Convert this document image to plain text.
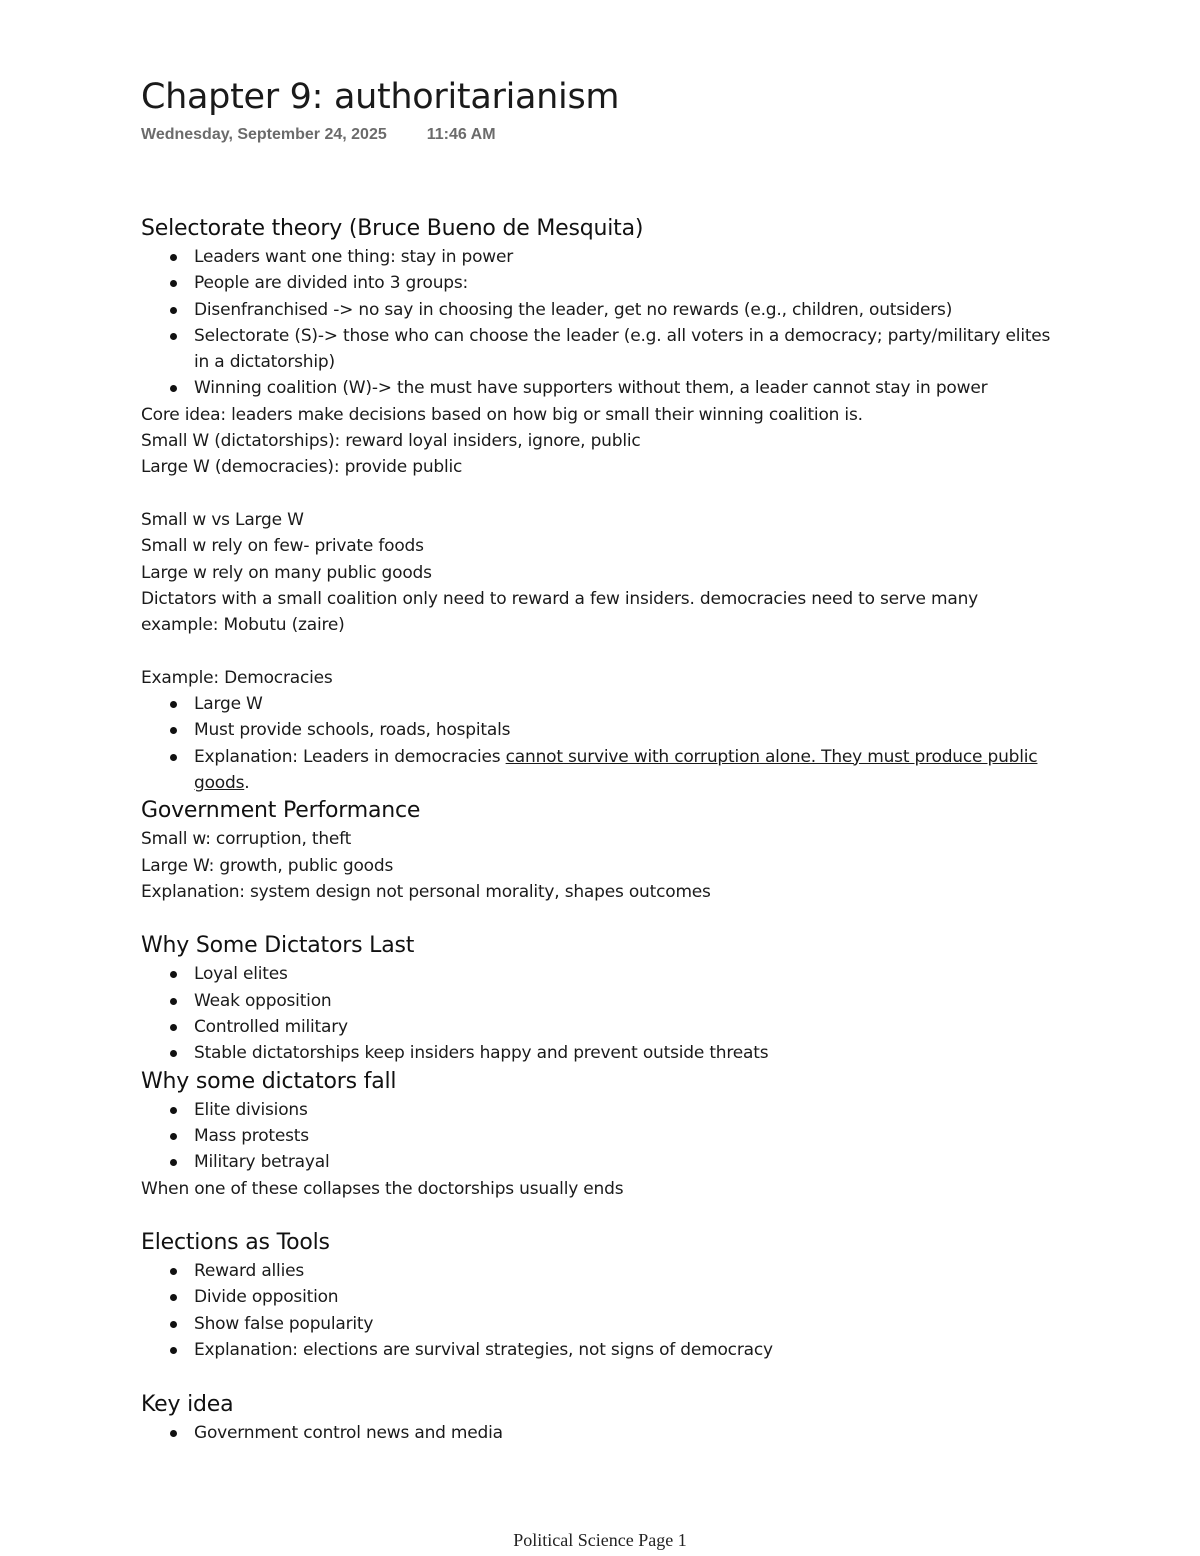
Chapter 9: authoritarianism
Wednesday, September 24, 2025	11:46 AM
Selectorate theory (Bruce Bueno de Mesquita)
Leaders want one thing: stay in power
People are divided into 3 groups:
Disenfranchised -> no say in choosing the leader, get no rewards (e.g., children, outsiders)
Selectorate (S)-> those who can choose the leader (e.g. all voters in a democracy; party/military elites in a dictatorship)
Winning coalition (W)-> the must have supporters without them, a leader cannot stay in power
Core idea: leaders make decisions based on how big or small their winning coalition is.
Small W (dictatorships): reward loyal insiders, ignore, public
Large W (democracies): provide public
Small w vs Large W
Small w rely on few- private foods
Large w rely on many public goods
Dictators with a small coalition only need to reward a few insiders. democracies need to serve many
example: Mobutu (zaire)
Example: Democracies
Large W
Must provide schools, roads, hospitals
Explanation: Leaders in democracies cannot survive with corruption alone. They must produce public goods.
Government Performance
Small w: corruption, theft
Large W: growth, public goods
Explanation: system design not personal morality, shapes outcomes
Why Some Dictators Last
Loyal elites
Weak opposition
Controlled military
Stable dictatorships keep insiders happy and prevent outside threats
Why some dictators fall
Elite divisions
Mass protests
Military betrayal
When one of these collapses the doctorships usually ends
Elections as Tools
Reward allies
Divide opposition
Show false popularity
Explanation: elections are survival strategies, not signs of democracy
Key idea
Government control news and media
Political Science Page 1
